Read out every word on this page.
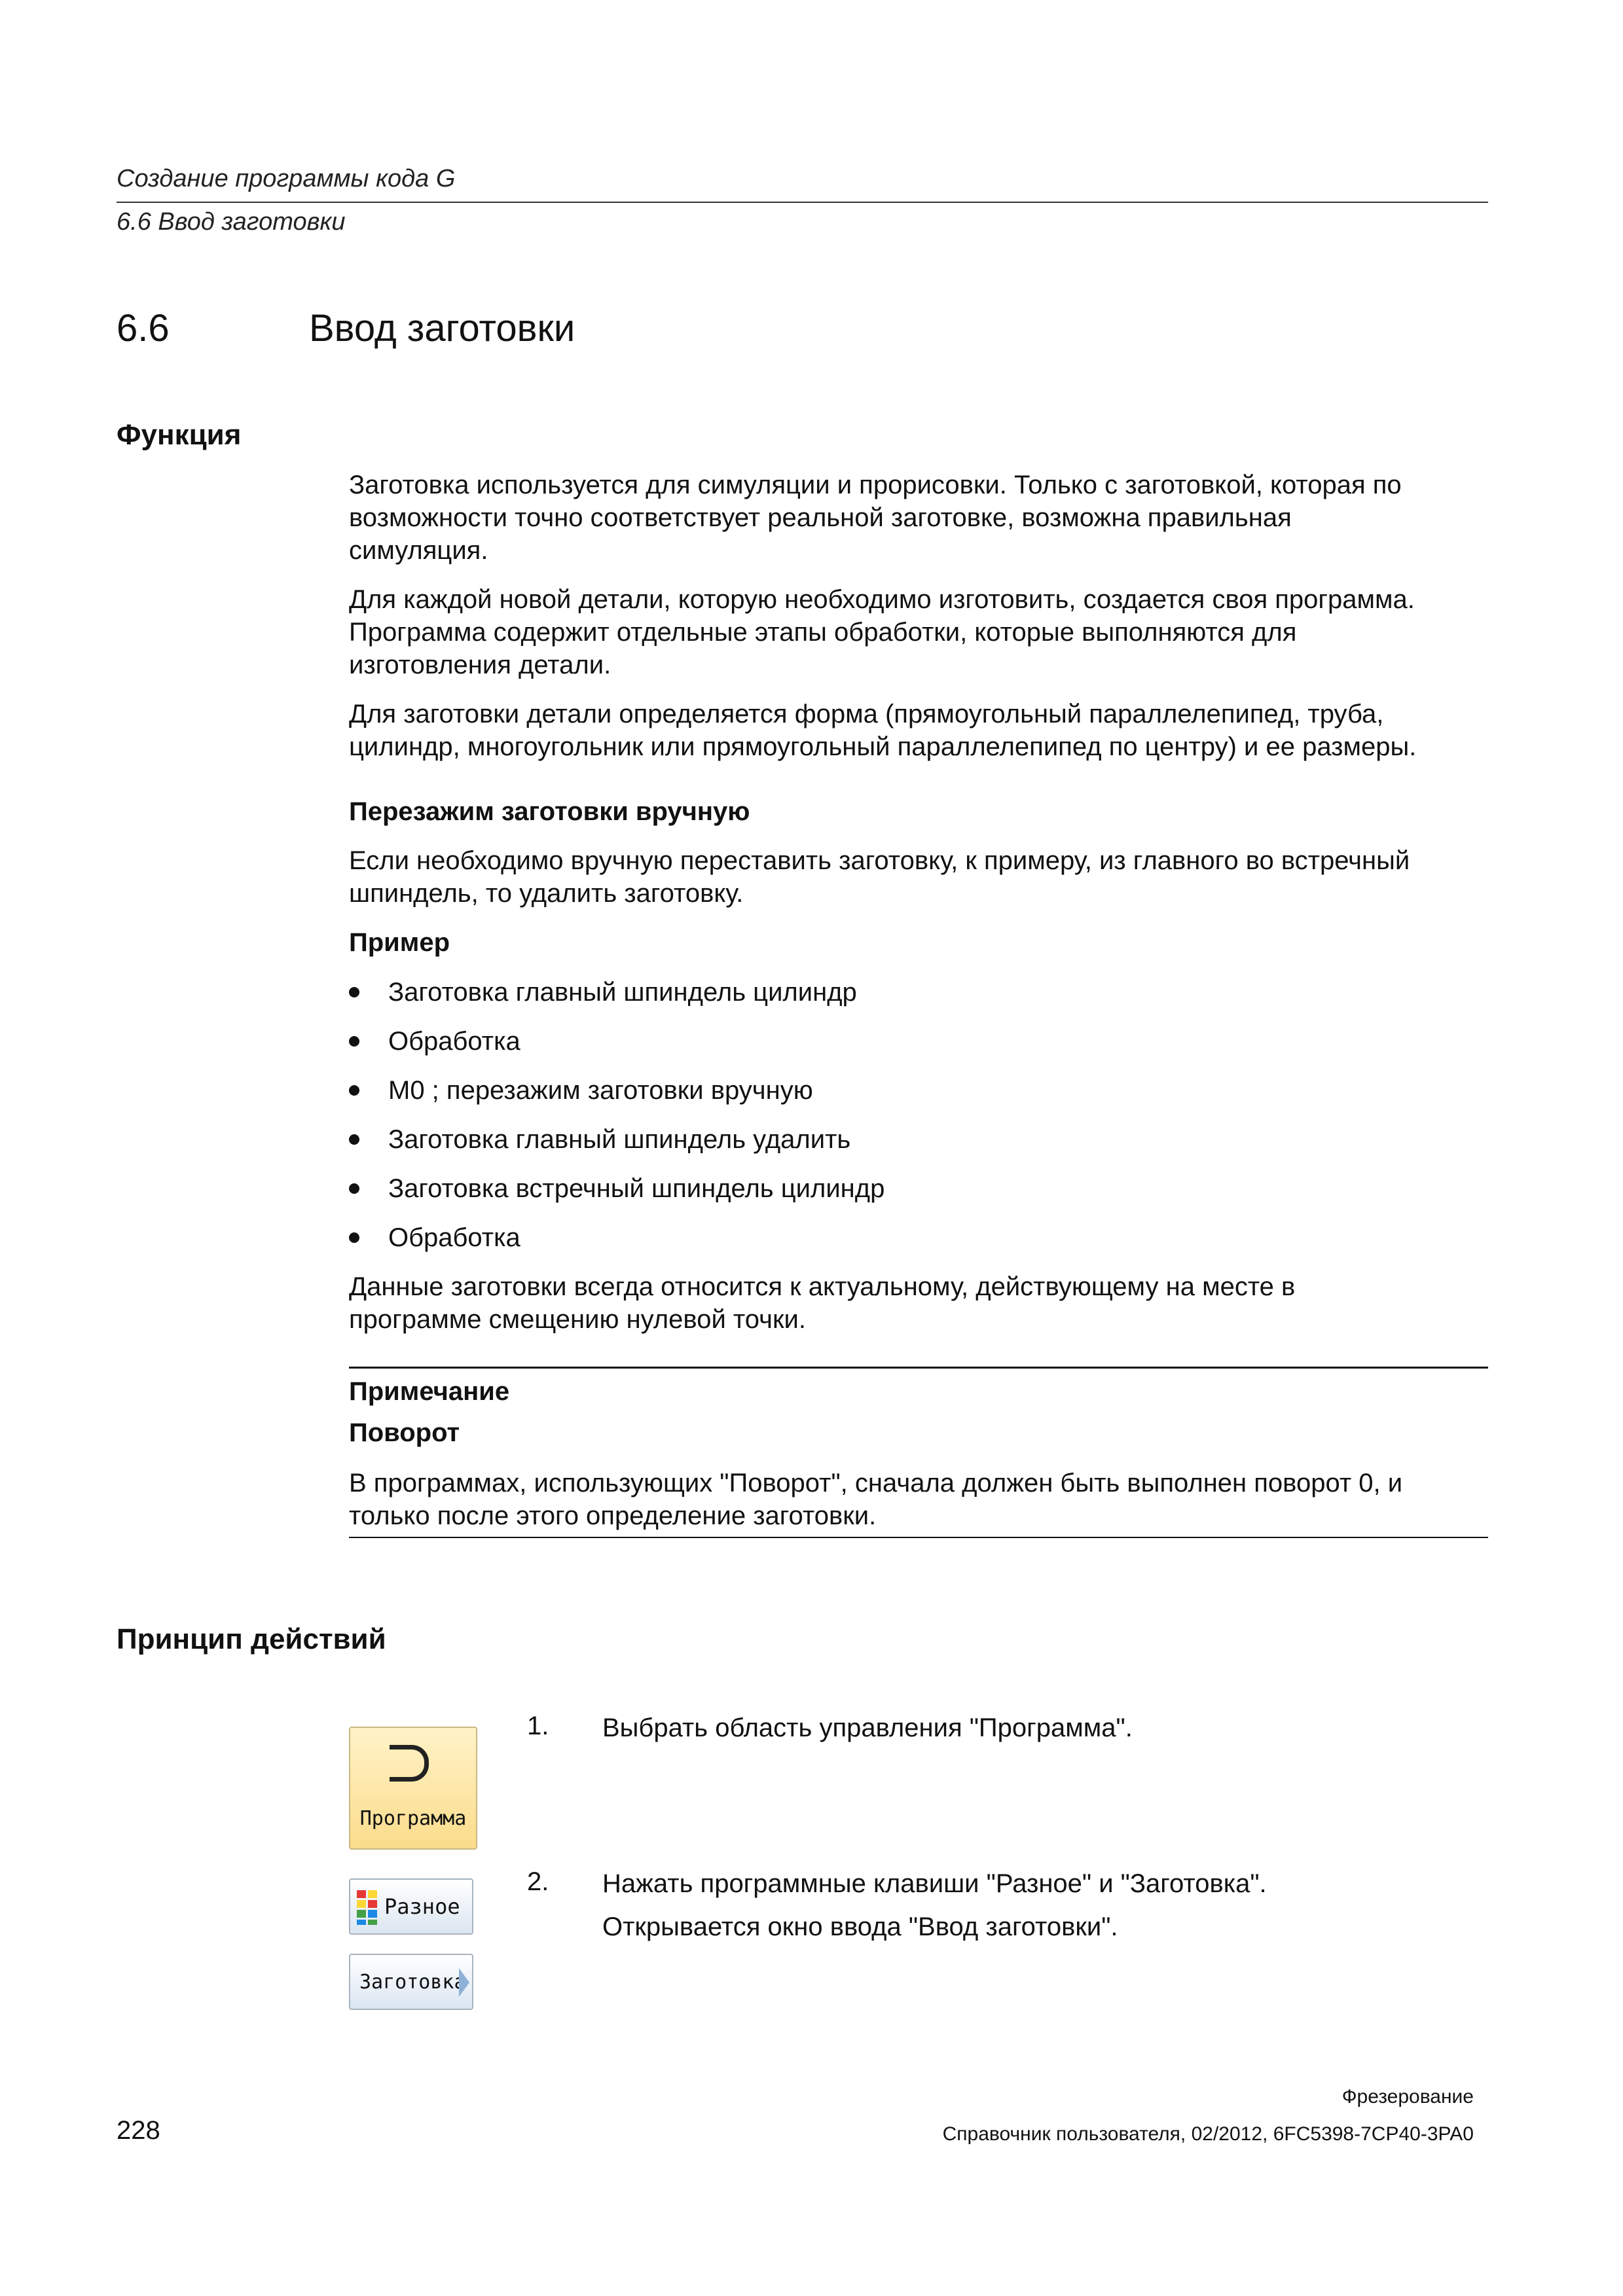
Создание программы кода G
6.6 Ввод заготовки
6.6	Ввод заготовки
Функция
Заготовка используется для симуляции и прорисовки. Только с заготовкой, которая по
возможности точно соответствует реальной заготовке, возможна правильная
симуляция.
Для каждой новой детали, которую необходимо изготовить, создается своя программа.
Программа содержит отдельные этапы обработки, которые выполняются для
изготовления детали.
Для заготовки детали определяется форма (прямоугольный параллелепипед, труба,
цилиндр, многоугольник или прямоугольный параллелепипед по центру) и ее размеры.
Перезажим заготовки вручную
Если необходимо вручную переставить заготовку, к примеру, из главного во встречный
шпиндель, то удалить заготовку.
Пример
Заготовка главный шпиндель цилиндр
Обработка
M0 ; перезажим заготовки вручную
Заготовка главный шпиндель удалить
Заготовка встречный шпиндель цилиндр
Обработка
Данные заготовки всегда относится к актуальному, действующему на месте в
программе смещению нулевой точки.
Примечание
Поворот
В программах, использующих "Поворот", сначала должен быть выполнен поворот 0, и
только после этого определение заготовки.
Принцип действий
Программа
1. Выбрать область управления "Программа".
Разное
Заготовка
2. Нажать программные клавиши "Разное" и "Заготовка".
Открывается окно ввода "Ввод заготовки".
Фрезерование
228	Справочник пользователя, 02/2012, 6FC5398-7CP40-3PA0
